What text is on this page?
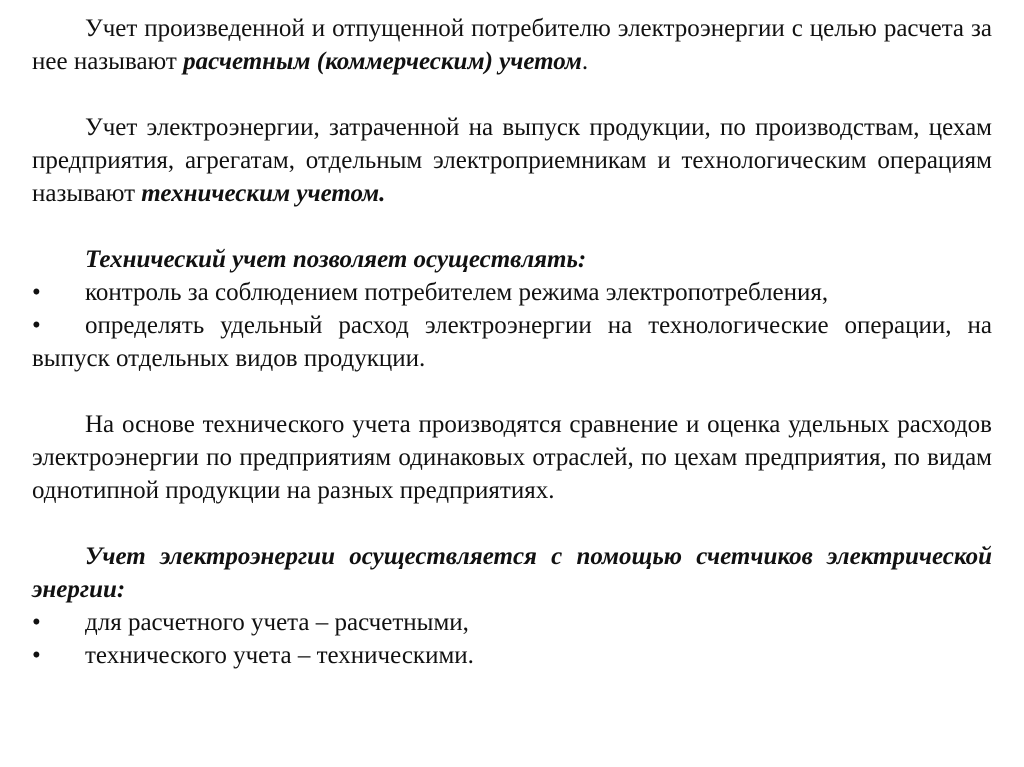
Учет произведенной и отпущенной потребителю электроэнергии с целью расчета за нее называют расчетным (коммерческим) учетом.

Учет электроэнергии, затраченной на выпуск продукции, по производствам, цехам предприятия, агрегатам, отдельным электроприемникам и технологическим операциям называют техническим учетом.

Технический учет позволяет осуществлять:

• контроль за соблюдением потребителем режима электропотребления,
• определять удельный расход электроэнергии на технологические операции, на выпуск отдельных видов продукции.

На основе технического учета производятся сравнение и оценка удельных расходов электроэнергии по предприятиям одинаковых отраслей, по цехам предприятия, по видам однотипной продукции на разных предприятиях.

Учет электроэнергии осуществляется с помощью счетчиков электрической энергии:

• для расчетного учета – расчетными,
• технического учета – техническими.
